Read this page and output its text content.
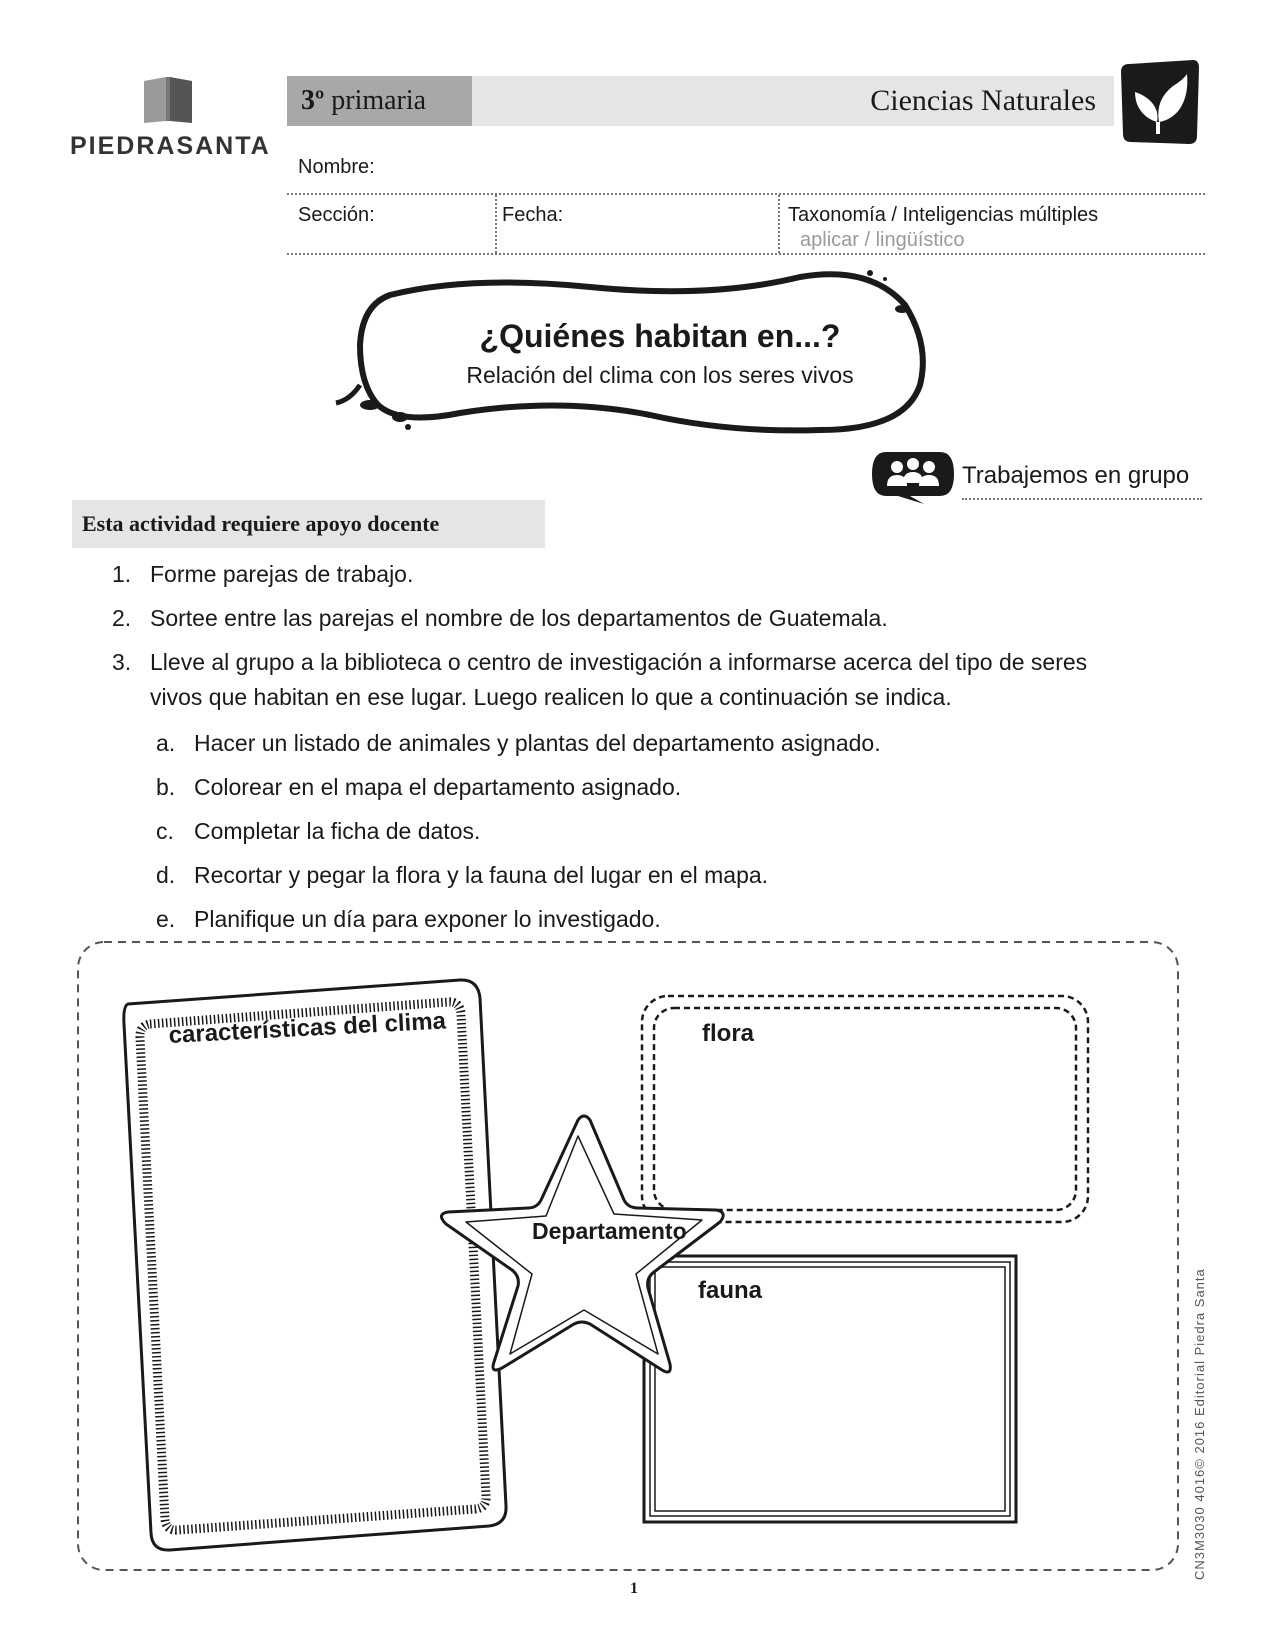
PIEDRASANTA
3º primaria	Ciencias Naturales
Nombre:
Sección:	Fecha:	Taxonomía / Inteligencias múltiples
aplicar / lingüístico
¿Quiénes habitan en...?
Relación del clima con los seres vivos
Trabajemos en grupo
Esta actividad requiere apoyo docente
1. Forme parejas de trabajo.
2. Sortee entre las parejas el nombre de los departamentos de Guatemala.
3. Lleve al grupo a la biblioteca o centro de investigación a informarse acerca del tipo de seres
vivos que habitan en ese lugar. Luego realicen lo que a continuación se indica.
a. Hacer un listado de animales y plantas del departamento asignado.
b. Colorear en el mapa el departamento asignado.
c. Completar la ficha de datos.
d. Recortar y pegar la flora y la fauna del lugar en el mapa.
e. Planifique un día para exponer lo investigado.
características del clima	flora
fauna
Departamento
CN3M3030 4016© 2016 Editorial Piedra Santa
1
